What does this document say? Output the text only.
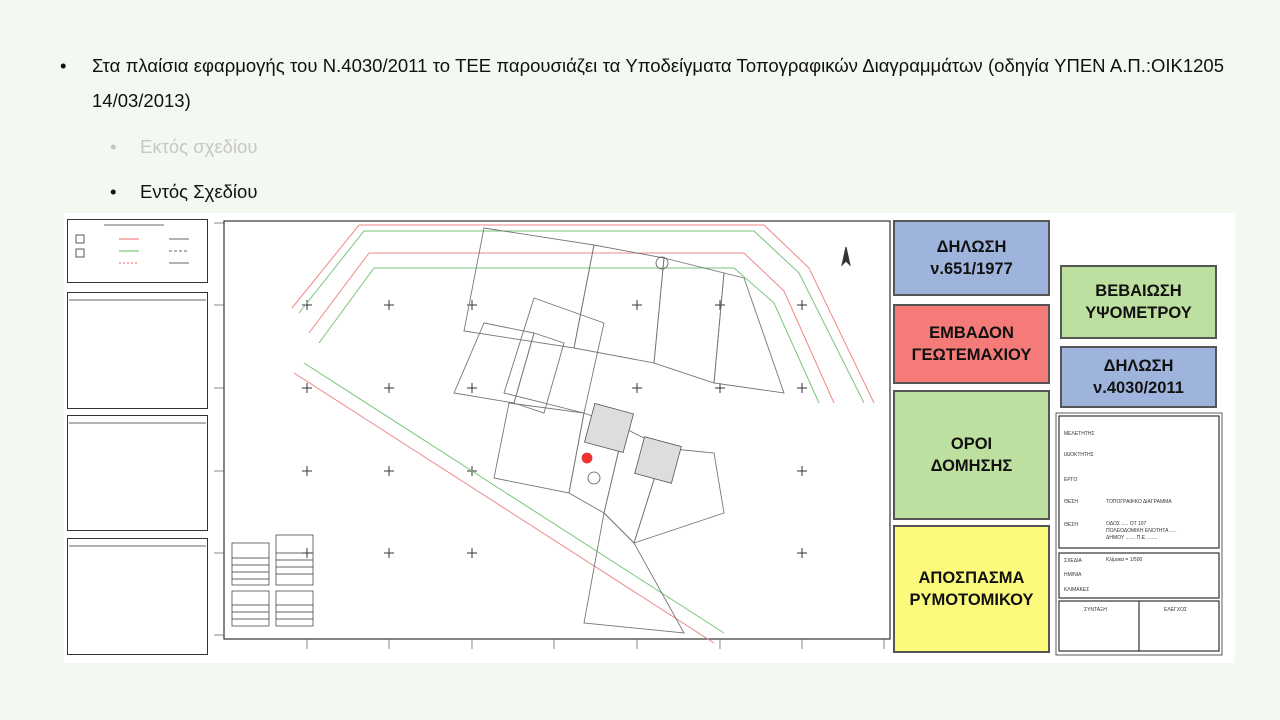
• Στα πλαίσια εφαρμογής του Ν.4030/2011 το ΤΕΕ παρουσιάζει τα Υποδείγματα Τοπογραφικών Διαγραμμάτων (οδηγία ΥΠΕΝ Α.Π.:ΟΙΚ1205 14/03/2013)
• Εκτός σχεδίου
• Εντός Σχεδίου
ΜΕΛΕΤΗΤΗΣ
ΙΔΙΟΚΤΗΤΗΣ
ΕΡΓΟ
ΘΕΣΗ
ΘΕΣΗ
ΣΧΕΔΙΑ
ΗΜ/ΝΙΑ
ΚΛΙΜΑΚΕΣ
ΣΥΝΤΑΞΗ	ΕΛΕΓΧΟΣ
ΤΟΠΟΓΡΑΦΙΚΟ ΔΙΑΓΡΑΜΜΑ
ΟΔΟΣ ..... ΟΤ 107
ΠΟΛΕΟΔΟΜΙΚΗ ΕΝΟΤΗΤΑ .....
ΔΗΜΟΥ ....... Π.Ε. .......
Κλίμακα = 1/500
ΔΗΛΩΣΗ
ν.651/1977
ΕΜΒΑΔΟΝ
ΓΕΩΤΕΜΑΧΙΟΥ
ΟΡΟΙ
ΔΟΜΗΣΗΣ
ΑΠΟΣΠΑΣΜΑ
ΡΥΜΟΤΟΜΙΚΟΥ
ΒΕΒΑΙΩΣΗ
ΥΨΟΜΕΤΡΟΥ
ΔΗΛΩΣΗ
ν.4030/2011
